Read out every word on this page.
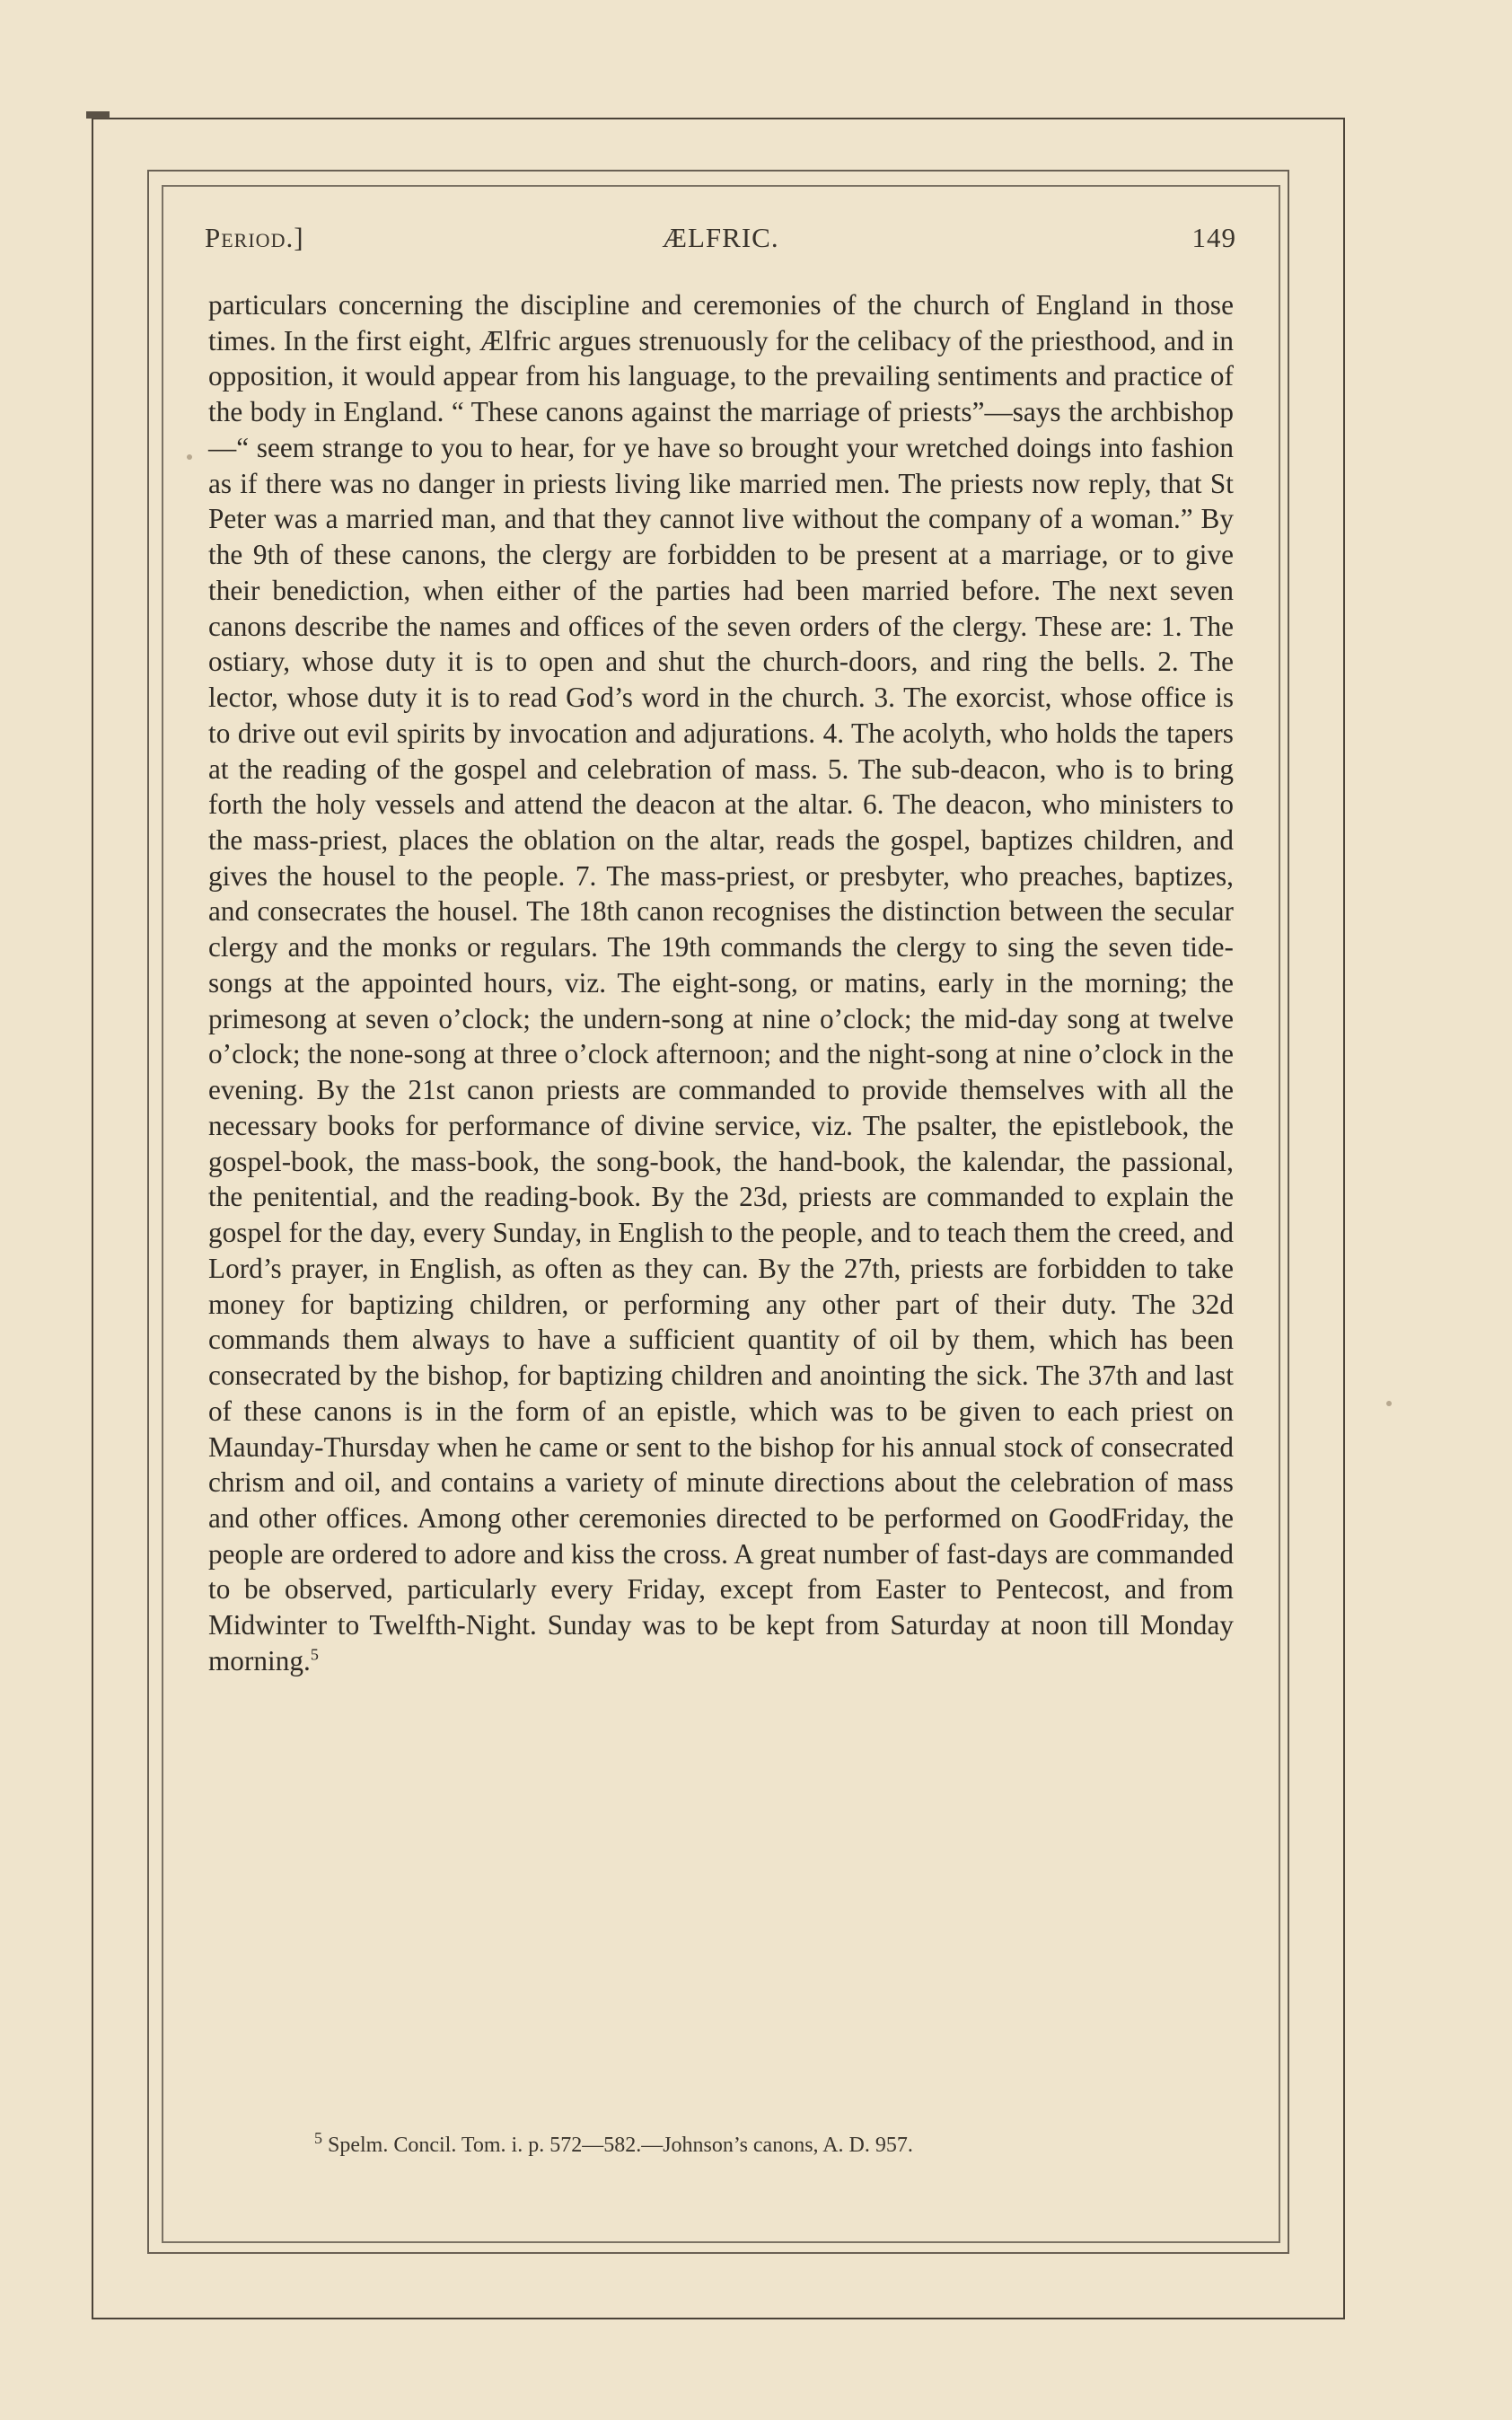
Period.]	ÆLFRIC.	149

particulars concerning the discipline and ceremonies of the church of England in those times. In the first eight, Ælfric argues strenuously for the celibacy of the priesthood, and in opposition, it would appear from his language, to the prevailing sentiments and practice of the body in England. “ These canons against the marriage of priests”—says the archbishop—“ seem strange to you to hear, for ye have so brought your wretched doings into fashion as if there was no danger in priests living like married men. The priests now reply, that St Peter was a married man, and that they cannot live without the company of a woman.” By the 9th of these canons, the clergy are forbidden to be present at a marriage, or to give their benediction, when either of the parties had been married before. The next seven canons describe the names and offices of the seven orders of the clergy. These are: 1. The ostiary, whose duty it is to open and shut the church-doors, and ring the bells. 2. The lector, whose duty it is to read God’s word in the church. 3. The exorcist, whose office is to drive out evil spirits by invocation and adjurations. 4. The acolyth, who holds the tapers at the reading of the gospel and celebration of mass. 5. The sub-deacon, who is to bring forth the holy vessels and attend the deacon at the altar. 6. The deacon, who ministers to the mass-priest, places the oblation on the altar, reads the gospel, baptizes children, and gives the housel to the people. 7. The mass-priest, or presbyter, who preaches, baptizes, and consecrates the housel. The 18th canon recognises the distinction between the secular clergy and the monks or regulars. The 19th commands the clergy to sing the seven tide-songs at the appointed hours, viz. The eight-song, or matins, early in the morning; the primesong at seven o’clock; the undern-song at nine o’clock; the mid-day song at twelve o’clock; the none-song at three o’clock afternoon; and the night-song at nine o’clock in the evening. By the 21st canon priests are commanded to provide themselves with all the necessary books for performance of divine service, viz. The psalter, the epistlebook, the gospel-book, the mass-book, the song-book, the hand-book, the kalendar, the passional, the penitential, and the reading-book. By the 23d, priests are commanded to explain the gospel for the day, every Sunday, in English to the people, and to teach them the creed, and Lord’s prayer, in English, as often as they can. By the 27th, priests are forbidden to take money for baptizing children, or performing any other part of their duty. The 32d commands them always to have a sufficient quantity of oil by them, which has been consecrated by the bishop, for baptizing children and anointing the sick. The 37th and last of these canons is in the form of an epistle, which was to be given to each priest on Maunday-Thursday when he came or sent to the bishop for his annual stock of consecrated chrism and oil, and contains a variety of minute directions about the celebration of mass and other offices. Among other ceremonies directed to be performed on GoodFriday, the people are ordered to adore and kiss the cross. A great number of fast-days are commanded to be observed, particularly every Friday, except from Easter to Pentecost, and from Midwinter to Twelfth-Night. Sunday was to be kept from Saturday at noon till Monday morning.$^5$

$^5$ Spelm. Concil. Tom. i. p. 572—582.—Johnson’s canons, A. D. 957.
